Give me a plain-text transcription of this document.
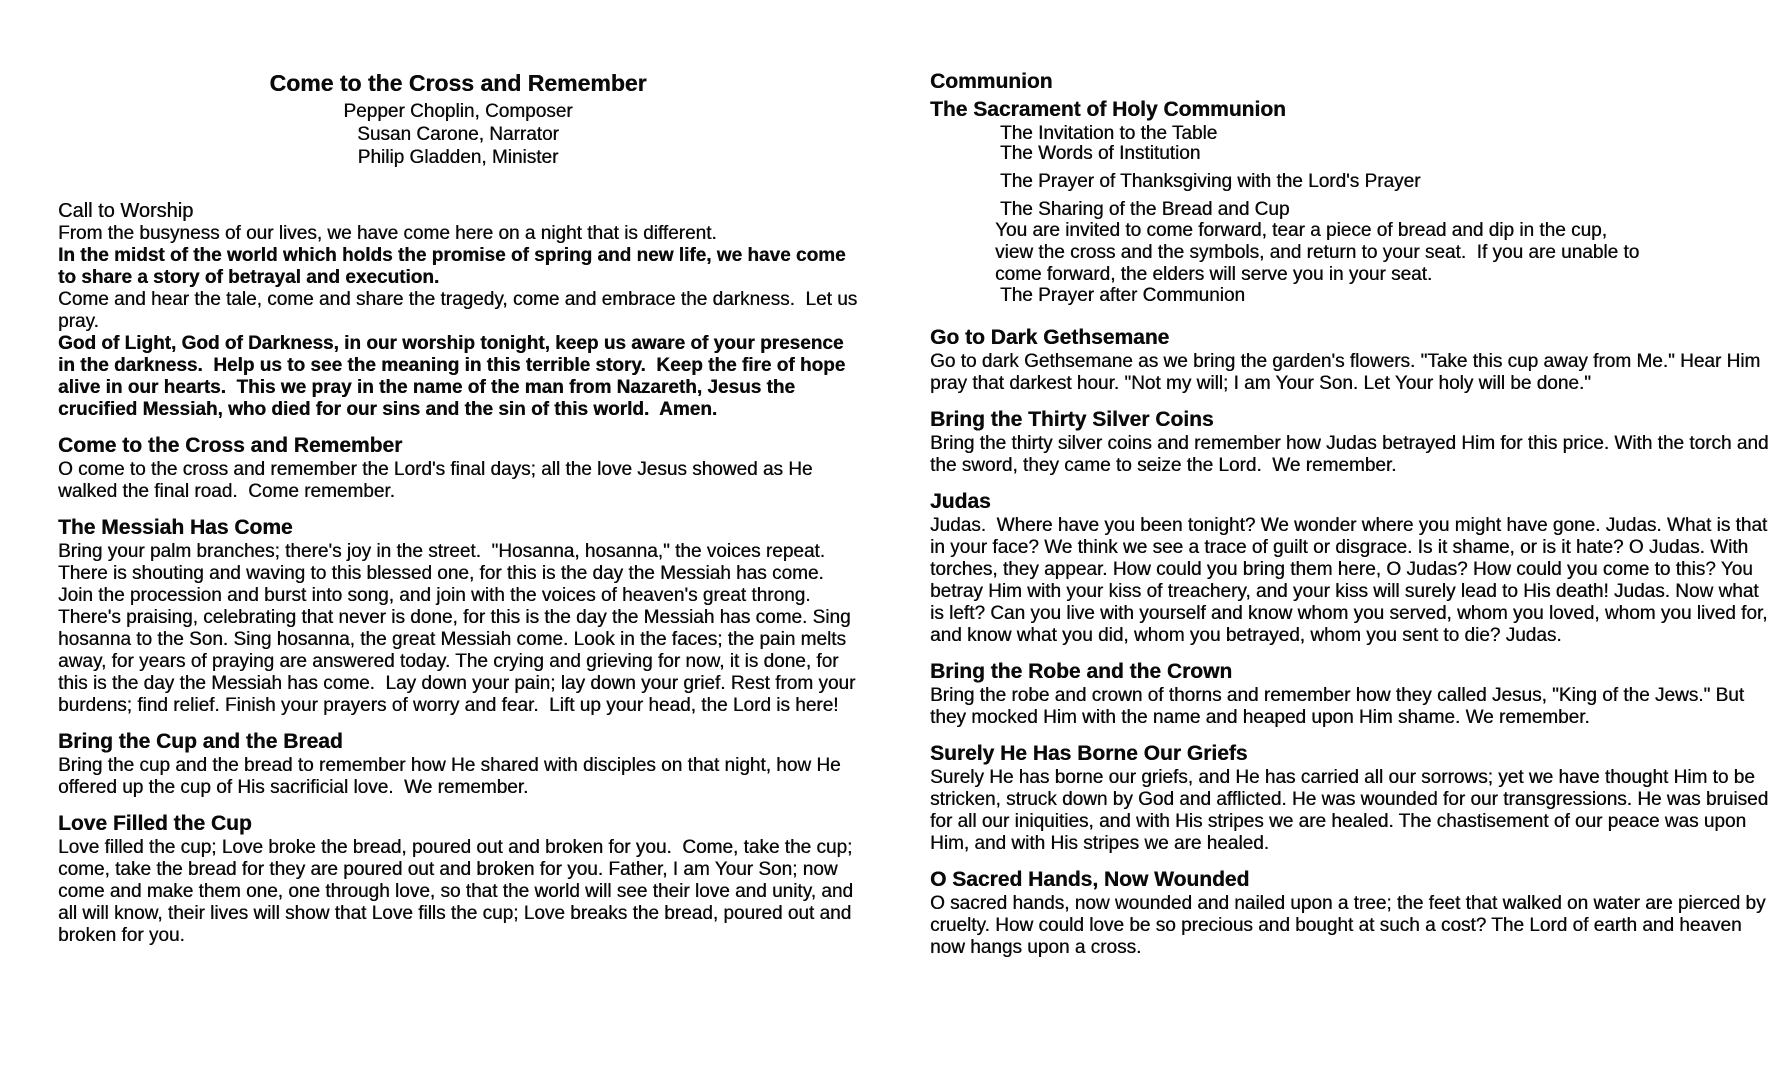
Come to the Cross and Remember
Pepper Choplin, Composer
Susan Carone, Narrator
Philip Gladden, Minister
Call to Worship

From the busyness of our lives, we have come here on a night that is different.

In the midst of the world which holds the promise of spring and new life, we have come to share a story of betrayal and execution.

Come and hear the tale, come and share the tragedy, come and embrace the darkness.  Let us pray.

God of Light, God of Darkness, in our worship tonight, keep us aware of your presence in the darkness.  Help us to see the meaning in this terrible story.  Keep the fire of hope alive in our hearts.  This we pray in the name of the man from Nazareth, Jesus the crucified Messiah, who died for our sins and the sin of this world.  Amen.

Come to the Cross and Remember

O come to the cross and remember the Lord's final days; all the love Jesus showed as He walked the final road.  Come remember.

The Messiah Has Come

Bring your palm branches; there's joy in the street.  "Hosanna, hosanna," the voices repeat. There is shouting and waving to this blessed one, for this is the day the Messiah has come. Join the procession and burst into song, and join with the voices of heaven's great throng. There's praising, celebrating that never is done, for this is the day the Messiah has come. Sing hosanna to the Son. Sing hosanna, the great Messiah come. Look in the faces; the pain melts away, for years of praying are answered today. The crying and grieving for now, it is done, for this is the day the Messiah has come.  Lay down your pain; lay down your grief. Rest from your burdens; find relief. Finish your prayers of worry and fear.  Lift up your head, the Lord is here!

Bring the Cup and the Bread

Bring the cup and the bread to remember how He shared with disciples on that night, how He offered up the cup of His sacrificial love.  We remember.

Love Filled the Cup

Love filled the cup; Love broke the bread, poured out and broken for you.  Come, take the cup; come, take the bread for they are poured out and broken for you. Father, I am Your Son; now come and make them one, one through love, so that the world will see their love and unity, and all will know, their lives will show that Love fills the cup; Love breaks the bread, poured out and broken for you.

Communion
The Sacrament of Holy Communion
The Invitation to the Table
The Words of Institution
The Prayer of Thanksgiving with the Lord's Prayer
The Sharing of the Bread and Cup
You are invited to come forward, tear a piece of bread and dip in the cup, view the cross and the symbols, and return to your seat.  If you are unable to come forward, the elders will serve you in your seat.
The Prayer after Communion
Go to Dark Gethsemane

Go to dark Gethsemane as we bring the garden's flowers. "Take this cup away from Me." Hear Him pray that darkest hour. "Not my will; I am Your Son. Let Your holy will be done."

Bring the Thirty Silver Coins

Bring the thirty silver coins and remember how Judas betrayed Him for this price. With the torch and the sword, they came to seize the Lord.  We remember.

Judas

Judas.  Where have you been tonight? We wonder where you might have gone. Judas. What is that in your face? We think we see a trace of guilt or disgrace. Is it shame, or is it hate? O Judas. With torches, they appear. How could you bring them here, O Judas? How could you come to this? You betray Him with your kiss of treachery, and your kiss will surely lead to His death! Judas. Now what is left? Can you live with yourself and know whom you served, whom you loved, whom you lived for, and know what you did, whom you betrayed, whom you sent to die? Judas.

Bring the Robe and the Crown

Bring the robe and crown of thorns and remember how they called Jesus, "King of the Jews." But they mocked Him with the name and heaped upon Him shame. We remember.

Surely He Has Borne Our Griefs

Surely He has borne our griefs, and He has carried all our sorrows; yet we have thought Him to be stricken, struck down by God and afflicted. He was wounded for our transgressions. He was bruised for all our iniquities, and with His stripes we are healed. The chastisement of our peace was upon Him, and with His stripes we are healed.

O Sacred Hands, Now Wounded

O sacred hands, now wounded and nailed upon a tree; the feet that walked on water are pierced by cruelty. How could love be so precious and bought at such a cost? The Lord of earth and heaven now hangs upon a cross.
